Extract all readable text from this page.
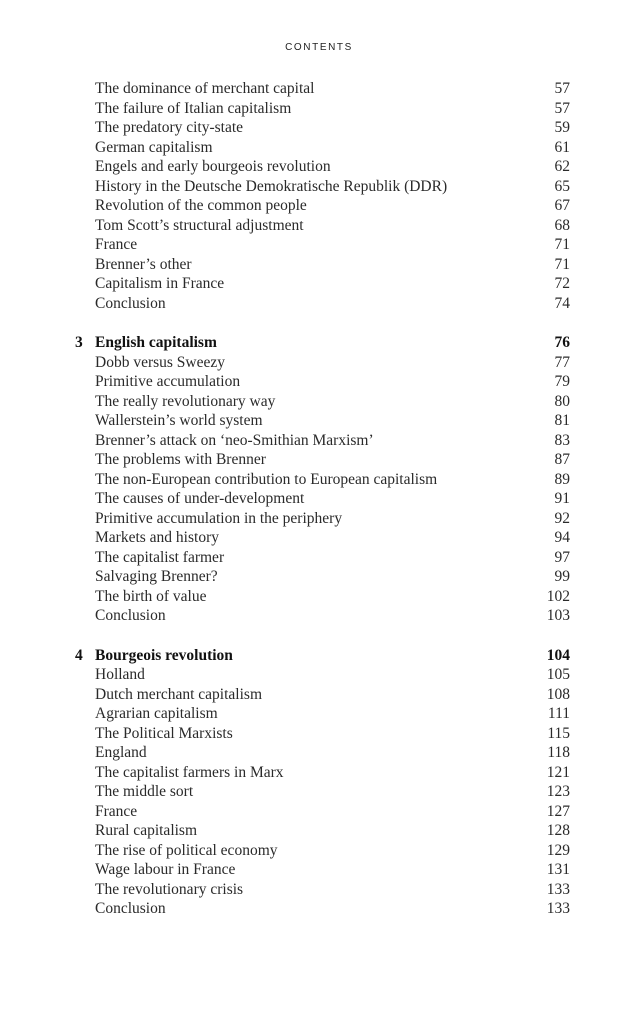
CONTENTS
The dominance of merchant capital	57
The failure of Italian capitalism	57
The predatory city-state	59
German capitalism	61
Engels and early bourgeois revolution	62
History in the Deutsche Demokratische Republik (DDR)	65
Revolution of the common people	67
Tom Scott’s structural adjustment	68
France	71
Brenner’s other	71
Capitalism in France	72
Conclusion	74
3 English capitalism	76
Dobb versus Sweezy	77
Primitive accumulation	79
The really revolutionary way	80
Wallerstein’s world system	81
Brenner’s attack on ‘neo-Smithian Marxism’	83
The problems with Brenner	87
The non-European contribution to European capitalism	89
The causes of under-development	91
Primitive accumulation in the periphery	92
Markets and history	94
The capitalist farmer	97
Salvaging Brenner?	99
The birth of value	102
Conclusion	103
4 Bourgeois revolution	104
Holland	105
Dutch merchant capitalism	108
Agrarian capitalism	111
The Political Marxists	115
England	118
The capitalist farmers in Marx	121
The middle sort	123
France	127
Rural capitalism	128
The rise of political economy	129
Wage labour in France	131
The revolutionary crisis	133
Conclusion	133
